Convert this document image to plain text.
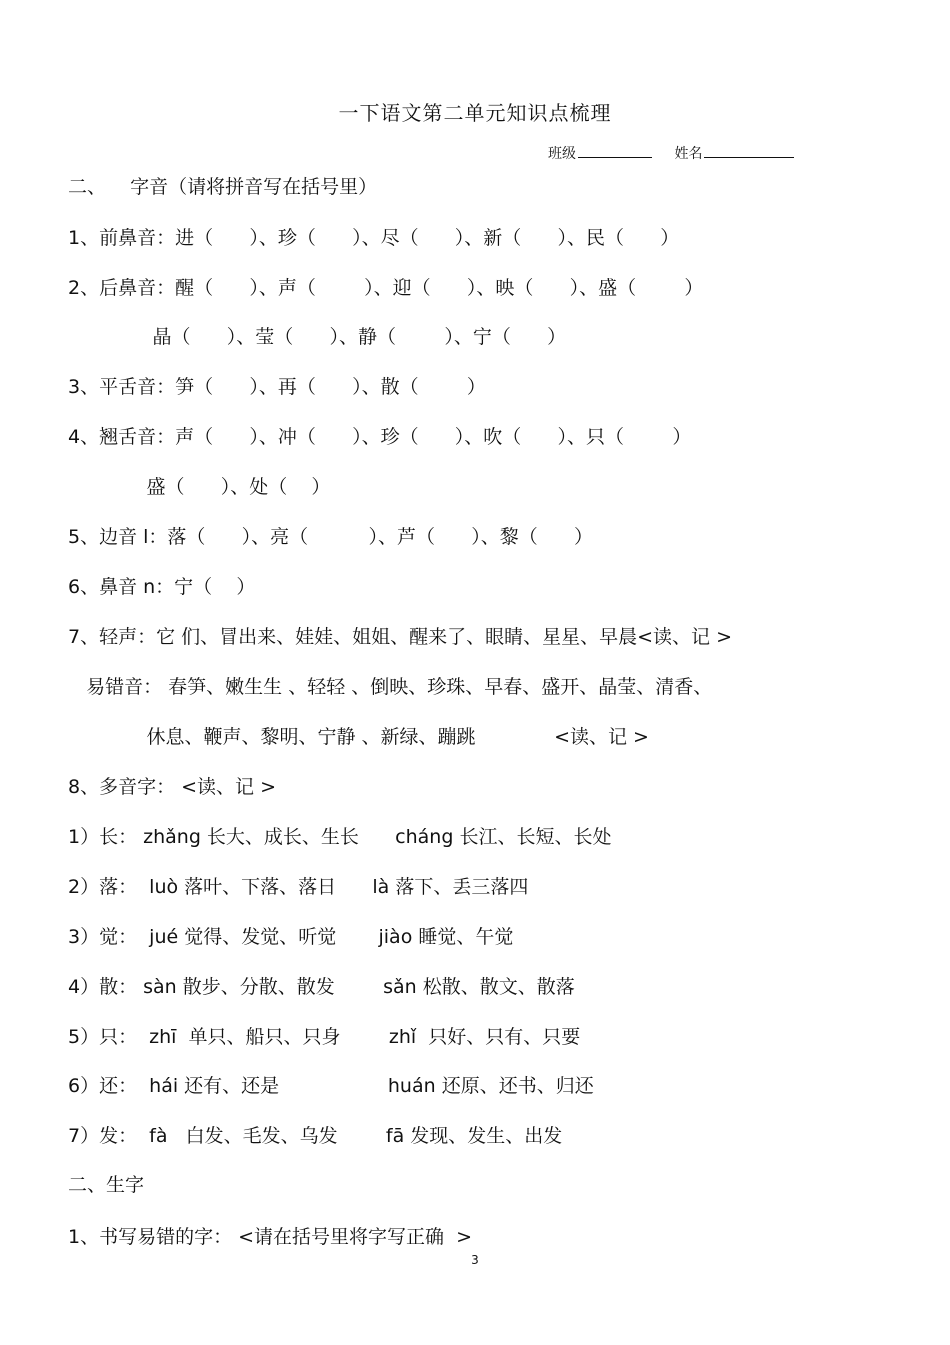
一下语文第二单元知识点梳理
班级	姓名
二、    字音（请将拼音写在括号里）
1、前鼻音：进（      ）、珍（      ）、尽（      ）、新（      ）、民（      ）
2、后鼻音：醒（      ）、声（        ）、迎（      ）、映（      ）、盛（        ）
晶（      ）、莹（      ）、静（        ）、宁（      ）
3、平舌音：笋（      ）、再（      ）、散（        ）
4、翘舌音：声（      ）、冲（      ）、珍（      ）、吹（      ）、只（        ）
盛（      ）、处（    ）
5、边音 l：落（      ）、亮（          ）、芦（      ）、黎（      ）
6、鼻音 n：宁（    ）
7、轻声：它 们、冒出来、娃娃、姐姐、醒来了、眼睛、星星、早晨<读、记 >
易错音： 春笋、嫩生生 、轻轻 、倒映、珍珠、早春、盛开、晶莹、清香、
休息、鞭声、黎明、宁静 、新绿、蹦跳             <读、记 >
8、多音字： <读、记 >
1）长： zhǎng 长大、成长、生长      cháng 长江、长短、长处
2）落：  luò 落叶、下落、落日      là 落下、丢三落四
3）觉：  jué 觉得、发觉、听觉       jiào 睡觉、午觉
4）散： sàn 散步、分散、散发        sǎn 松散、散文、散落
5）只：  zhī  单只、船只、只身        zhǐ  只好、只有、只要
6）还：  hái 还有、还是                  huán 还原、还书、归还
7）发：  fà   白发、毛发、乌发        fā 发现、发生、出发
二、生字
1、书写易错的字： <请在括号里将字写正确  >
3
